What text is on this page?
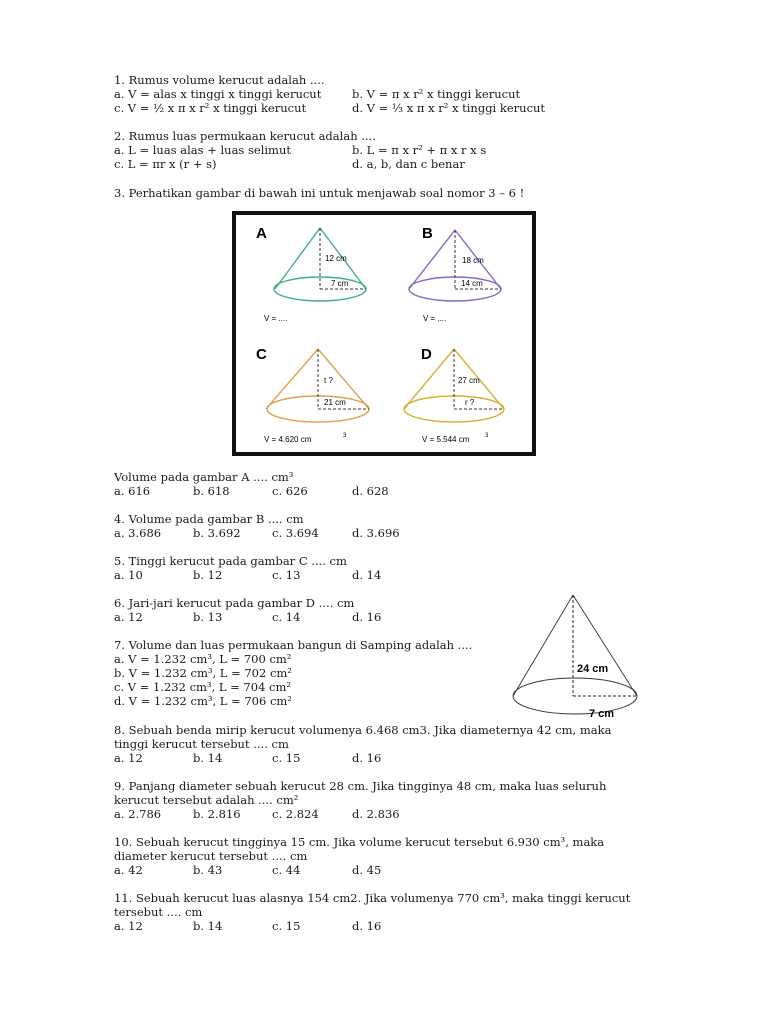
1. Rumus volume kerucut adalah ....
a. V = alas x tinggi x tinggi kerucut	b. V = π x r² x tinggi kerucut
c. V = ½ x π x r² x tinggi kerucut	d. V = ⅓ x π x r² x tinggi kerucut
2. Rumus luas permukaan kerucut adalah ....
a. L = luas alas + luas selimut	b. L = π x r² + π x r x s
c. L = πr x (r + s)	d. a, b, dan c benar
3. Perhatikan gambar di bawah ini untuk menjawab soal nomor 3 – 6 !
A
12 cm
7 cm
V = ....
B
18 cm
14 cm
V = ....
C
t ?
21 cm
V = 4.620 cm	3
D
27 cm
r ?
V = 5.544 cm	3
Volume pada gambar A .... cm³
a. 616	b. 618	c. 626	d. 628
4. Volume pada gambar B .... cm
a. 3.686	b. 3.692	c. 3.694	d. 3.696
5. Tinggi kerucut pada gambar C .... cm
a. 10	b. 12	c. 13	d. 14
6. Jari-jari kerucut pada gambar D .... cm
a. 12	b. 13	c. 14	d. 16
7. Volume dan luas permukaan bangun di Samping adalah ....
a. V = 1.232 cm³, L = 700 cm²
b. V = 1.232 cm³, L = 702 cm²
c. V = 1.232 cm³, L = 704 cm²
d. V = 1.232 cm³, L = 706 cm²
24 cm
7 cm
8. Sebuah benda mirip kerucut volumenya 6.468 cm3. Jika diameternya 42 cm, maka
tinggi kerucut tersebut .... cm
a. 12	b. 14	c. 15	d. 16
9. Panjang diameter sebuah kerucut 28 cm. Jika tingginya 48 cm, maka luas seluruh
kerucut tersebut adalah .... cm²
a. 2.786	b. 2.816	c. 2.824	d. 2.836
10. Sebuah kerucut tingginya 15 cm. Jika volume kerucut tersebut 6.930 cm³, maka
diameter kerucut tersebut .... cm
a. 42	b. 43	c. 44	d. 45
11. Sebuah kerucut luas alasnya 154 cm2. Jika volumenya 770 cm³, maka tinggi kerucut
tersebut .... cm
a. 12	b. 14	c. 15	d. 16
